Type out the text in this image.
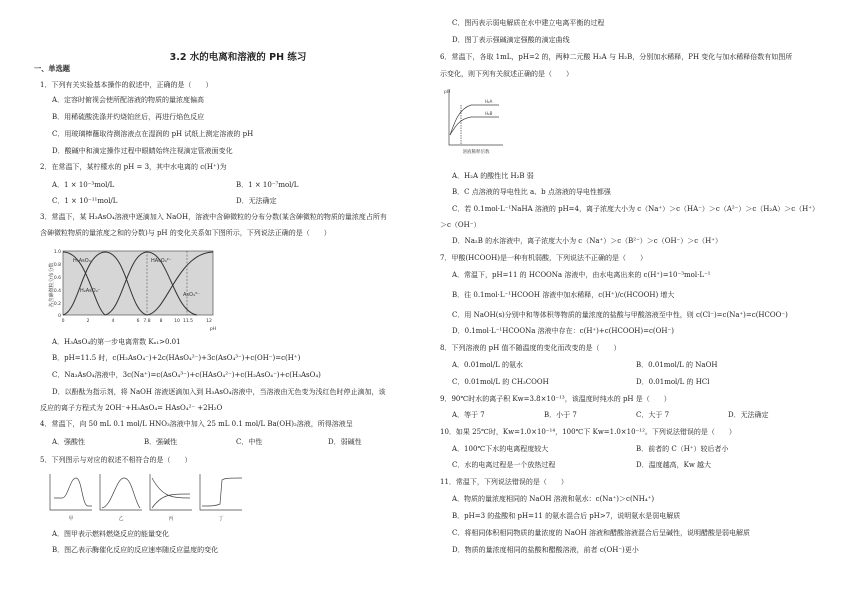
3.2 水的电离和溶液的 PH 练习
一、单选题
1．下列有关实验基本操作的叙述中，正确的是（　　）
A．定容时俯视会使所配溶液的物质的量浓度偏高
B．用稀硫酸洗涤并灼烧铂丝后，再进行焰色反应
C．用玻璃棒蘸取待测溶液点在湿润的 pH 试纸上测定溶液的 pH
D．酸碱中和滴定操作过程中眼睛始终注视滴定管液面变化
2．在常温下，某柠檬水的 pH = 3，其中水电离的 c(H⁺)为
A．1 × 10⁻³mol/L	B．1 × 10⁻⁷mol/L
C．1 × 10⁻¹¹mol/L	D．无法确定
3．常温下，某 H₃AsO₄溶液中逐滴加入 NaOH，溶液中含砷微粒的分布分数(某含砷微粒的物质的量浓度占所有
含砷微粒物质的量浓度之和的分数)与 pH 的变化关系如下图所示，下列说法正确的是（　　）
各含砷微粒分布分数
1.0
0.8
0.6
0.4
0.2
0
H₃AsO₄
H₂AsO₄⁻
HAsO₄²⁻
AsO₄³⁻
0	2	4	6 7.8 8	10 11.5	12
pH
A．H₃AsO₄的第一步电离常数 Kₐ₁>0.01
B．pH=11.5 时，c(H₂AsO₄⁻)+2c(HAsO₄²⁻)+3c(AsO₄³⁻)+c(OH⁻)=c(H⁺)
C．Na₃AsO₄溶液中，3c(Na⁺)=c(AsO₄³⁻)+c(HAsO₄²⁻)+c(H₂AsO₄⁻)+c(H₃AsO₄)
D．以酚酞为指示剂，将 NaOH 溶液逐滴加入到 H₃AsO₄溶液中，当溶液由无色变为浅红色时停止滴加，该
反应的离子方程式为 2OH⁻+H₃AsO₄= HAsO₄²⁻ +2H₂O
4．常温下，向 50 mL 0.1 mol/L HNO₃溶液中加入 25 mL 0.1 mol/L Ba(OH)₂溶液，所得溶液呈
A．强酸性	B．强碱性	C．中性	D．弱碱性
5．下列图示与对应的叙述不相符合的是（　　）
甲	乙	丙	丁
A．图甲表示燃料燃烧反应的能量变化
B．图乙表示酶催化反应的反应速率随反应温度的变化
C．图丙表示弱电解质在水中建立电离平衡的过程
D．图丁表示强碱滴定强酸的滴定曲线
6．常温下，各取 1mL，pH=2 的，两种二元酸 H₂A 与 H₂B，分别加水稀释，PH 变化与加水稀释倍数有如图所
示变化，则下列有关叙述正确的是（　　）
pH
H₂A
H₂B
溶液稀释倍数
A．H₂A 的酸性比 H₂B 弱
B．C 点溶液的导电性比 a、b 点溶液的导电性都强
C．若 0.1mol·L⁻¹NaHA 溶液的 pH=4，离子浓度大小为 c（Na⁺）＞c（HA⁻）＞c（A²⁻）＞c（H₂A）＞c（H⁺）
＞c（OH⁻）
D．Na₂B 的水溶液中，离子浓度大小为 c（Na⁺）＞c（B²⁻）＞c（OH⁻）＞c（H⁺）
7．甲酸(HCOOH)是一种有机弱酸，下列说法不正确的是（　　）
A．常温下，pH=11 的 HCOONa 溶液中，由水电离出来的 c(H⁺)=10⁻³mol·L⁻¹
B．往 0.1mol·L⁻¹HCOOH 溶液中加水稀释，c(H⁺)/c(HCOOH) 增大
C．用 NaOH(s)分别中和等体积等物质的量浓度的盐酸与甲酸溶液至中性，则 c(Cl⁻)=c(Na⁺)=c(HCOO⁻)
D．0.1mol·L⁻¹HCOONa 溶液中存在：c(H⁺)+c(HCOOH)=c(OH⁻)
8．下列溶液的 pH 值不随温度的变化而改变的是（　　）
A．0.01mol/L 的氨水	B．0.01mol/L 的 NaOH
C．0.01mol/L 的 CH₃COOH	D．0.01mol/L 的 HCl
9．90℃时水的离子积 Kw=3.8×10⁻¹³，该温度时纯水的 pH 是（　　）
A．等于 7	B．小于 7	C．大于 7	D．无法确定
10．如果 25℃时，Kw=1.0×10⁻¹⁴，100℃下 Kw=1.0×10⁻¹²。下列说法错误的是（　　）
A．100℃下水的电离程度较大	B．前者的 C（H⁺）较后者小
C．水的电离过程是一个放热过程	D．温度越高，Kw 越大
11．常温下，下列说法错误的是（　　）
A．物质的量浓度相同的 NaOH 溶液和氨水：c(Na⁺)＞c(NH₄⁺)
B．pH=3 的盐酸和 pH=11 的氨水混合后 pH>7，说明氨水是弱电解质
C．将相同体积相同物质的量浓度的 NaOH 溶液和醋酸溶液混合后呈碱性，说明醋酸是弱电解质
D．物质的量浓度相同的盐酸和醋酸溶液，前者 c(OH⁻)更小
